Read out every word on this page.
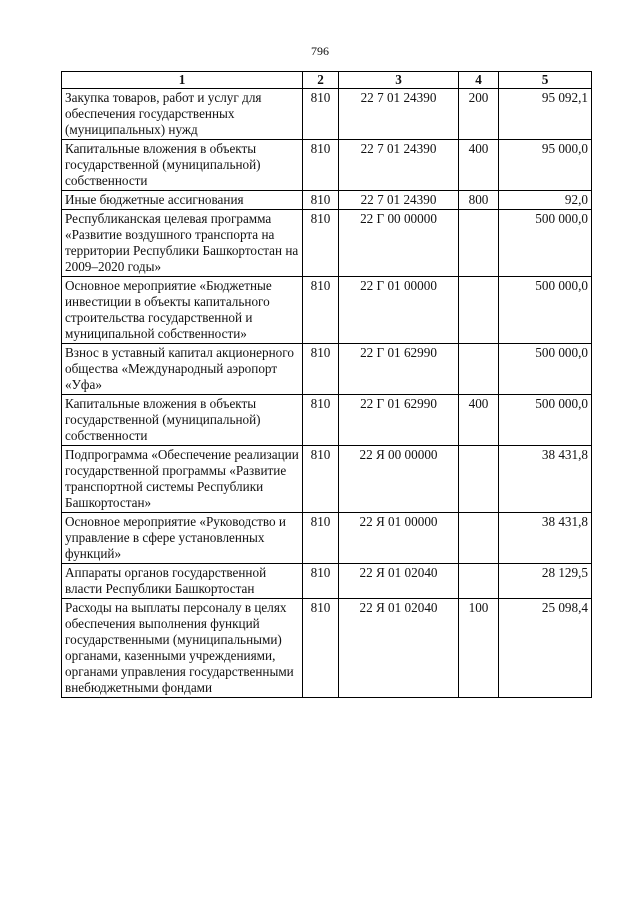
796
1	2	3	4	5
Закупка товаров, работ и услуг для обеспечения государственных (муниципальных) нужд	810	22 7 01 24390	200	95 092,1
Капитальные вложения в объекты государственной (муниципальной) собственности	810	22 7 01 24390	400	95 000,0
Иные бюджетные ассигнования	810	22 7 01 24390	800	92,0
Республиканская целевая программа «Развитие воздушного транспорта на территории Республики Башкортостан на 2009–2020 годы»	810	22 Г 00 00000		500 000,0
Основное мероприятие «Бюджетные инвестиции в объекты капитального строительства государственной и муниципальной собственности»	810	22 Г 01 00000		500 000,0
Взнос в уставный капитал акционерного общества «Международный аэропорт «Уфа»	810	22 Г 01 62990		500 000,0
Капитальные вложения в объекты государственной (муниципальной) собственности	810	22 Г 01 62990	400	500 000,0
Подпрограмма «Обеспечение реализации государственной программы «Развитие транспортной системы Республики Башкортостан»	810	22 Я 00 00000		38 431,8
Основное мероприятие «Руководство и управление в сфере установленных функций»	810	22 Я 01 00000		38 431,8
Аппараты органов государственной власти Республики Башкортостан	810	22 Я 01 02040		28 129,5
Расходы на выплаты персоналу в целях обеспечения выполнения функций государственными (муниципальными) органами, казенными учреждениями, органами управления государственными внебюджетными фондами	810	22 Я 01 02040	100	25 098,4
